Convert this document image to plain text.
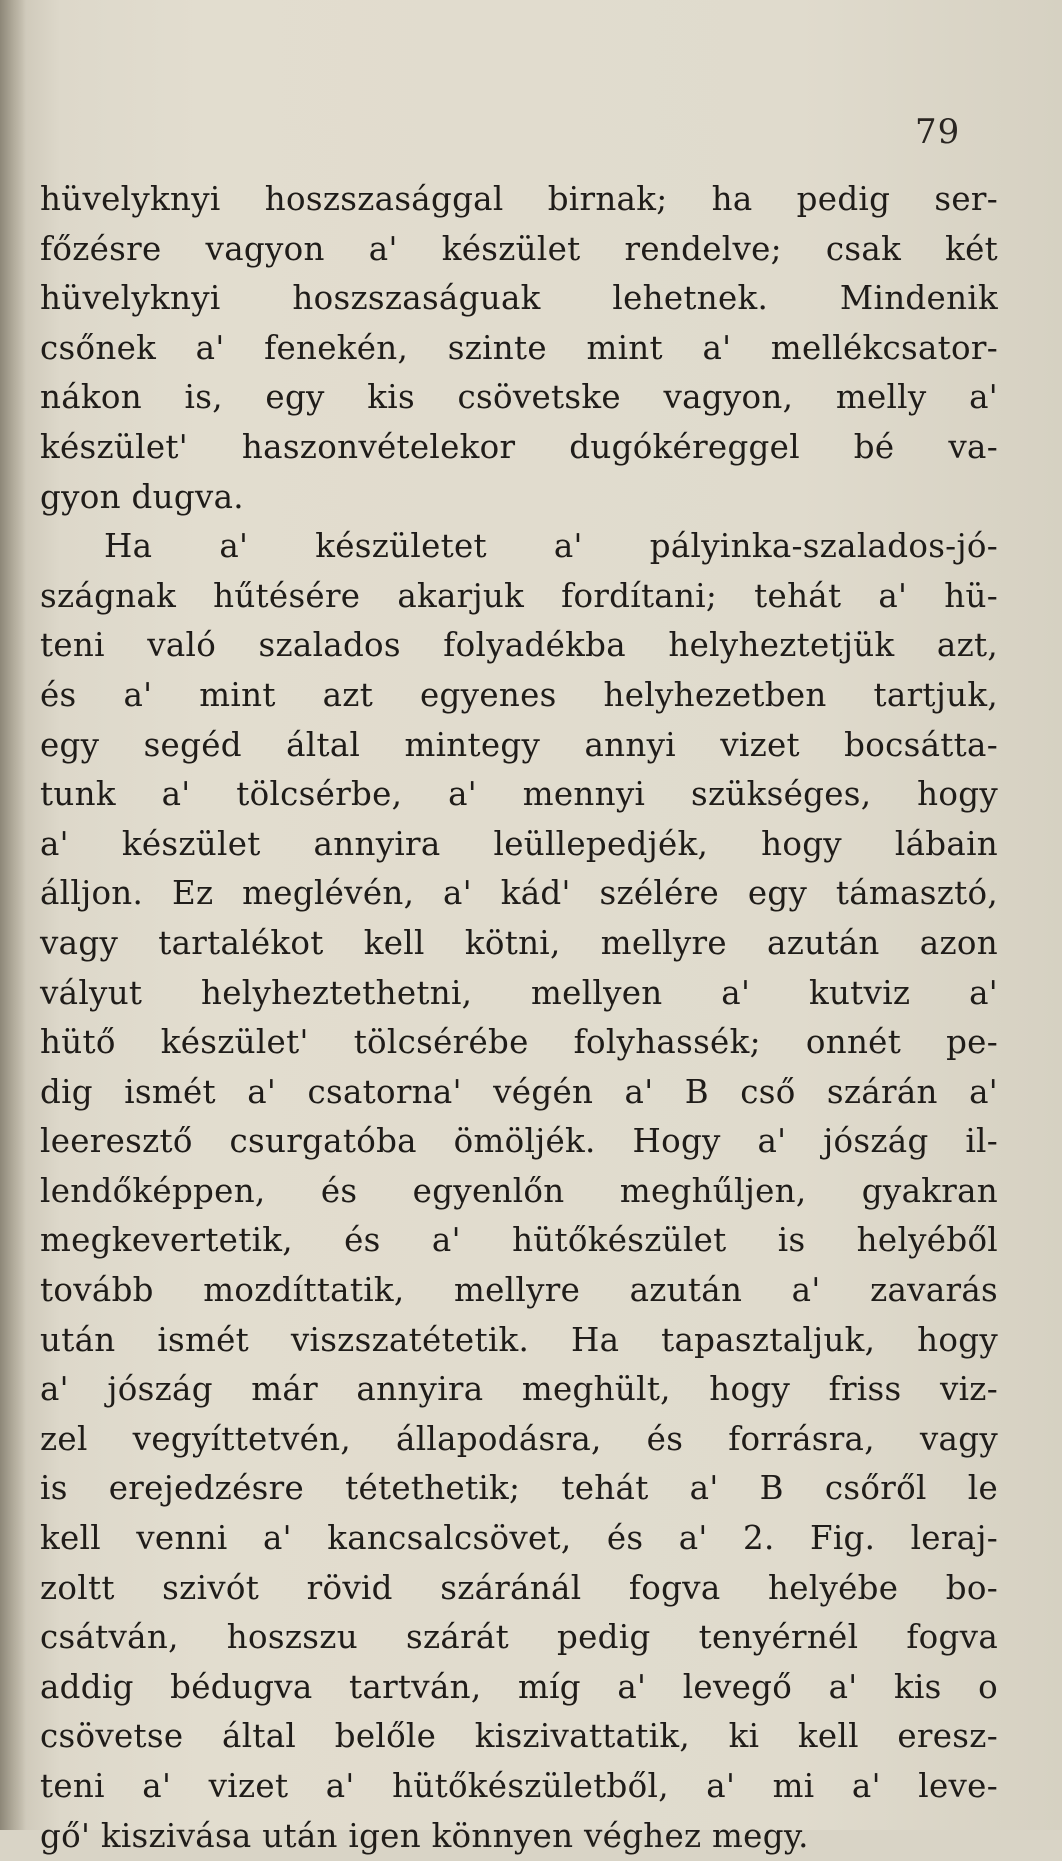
79
hüvelyknyi hoszszasággal birnak; ha pedig ser-
főzésre vagyon a' készület rendelve; csak két
hüvelyknyi hoszszaságuak lehetnek. Mindenik
csőnek a' fenekén, szinte mint a' mellékcsator-
nákon is, egy kis csövetske vagyon, melly a'
készület' haszonvételekor dugókéreggel bé va-
gyon dugva.
Ha a' készületet a' pályinka-szalados-jó-
szágnak hűtésére akarjuk fordítani; tehát a' hü-
teni való szalados folyadékba helyheztetjük azt,
és a' mint azt egyenes helyhezetben tartjuk,
egy segéd által mintegy annyi vizet bocsátta-
tunk a' tölcsérbe, a' mennyi szükséges, hogy
a' készület annyira leüllepedjék, hogy lábain
álljon. Ez meglévén, a' kád' szélére egy támasztó,
vagy tartalékot kell kötni, mellyre azután azon
vályut helyheztethetni, mellyen a' kutviz a'
hütő készület' tölcsérébe folyhassék; onnét pe-
dig ismét a' csatorna' végén a' B cső szárán a'
leeresztő csurgatóba ömöljék. Hogy a' jószág il-
lendőképpen, és egyenlőn meghűljen, gyakran
megkevertetik, és a' hütőkészület is helyéből
tovább mozdíttatik, mellyre azután a' zavarás
után ismét viszszatétetik. Ha tapasztaljuk, hogy
a' jószág már annyira meghült, hogy friss viz-
zel vegyíttetvén, állapodásra, és forrásra, vagy
is erejedzésre tétethetik; tehát a' B csőről le
kell venni a' kancsalcsövet, és a' 2. Fig. leraj-
zoltt szivót rövid száránál fogva helyébe bo-
csátván, hoszszu szárát pedig tenyérnél fogva
addig bédugva tartván, míg a' levegő a' kis o
csövetse által belőle kiszivattatik, ki kell eresz-
teni a' vizet a' hütőkészületből, a' mi a' leve-
gő' kiszivása után igen könnyen véghez megy.
